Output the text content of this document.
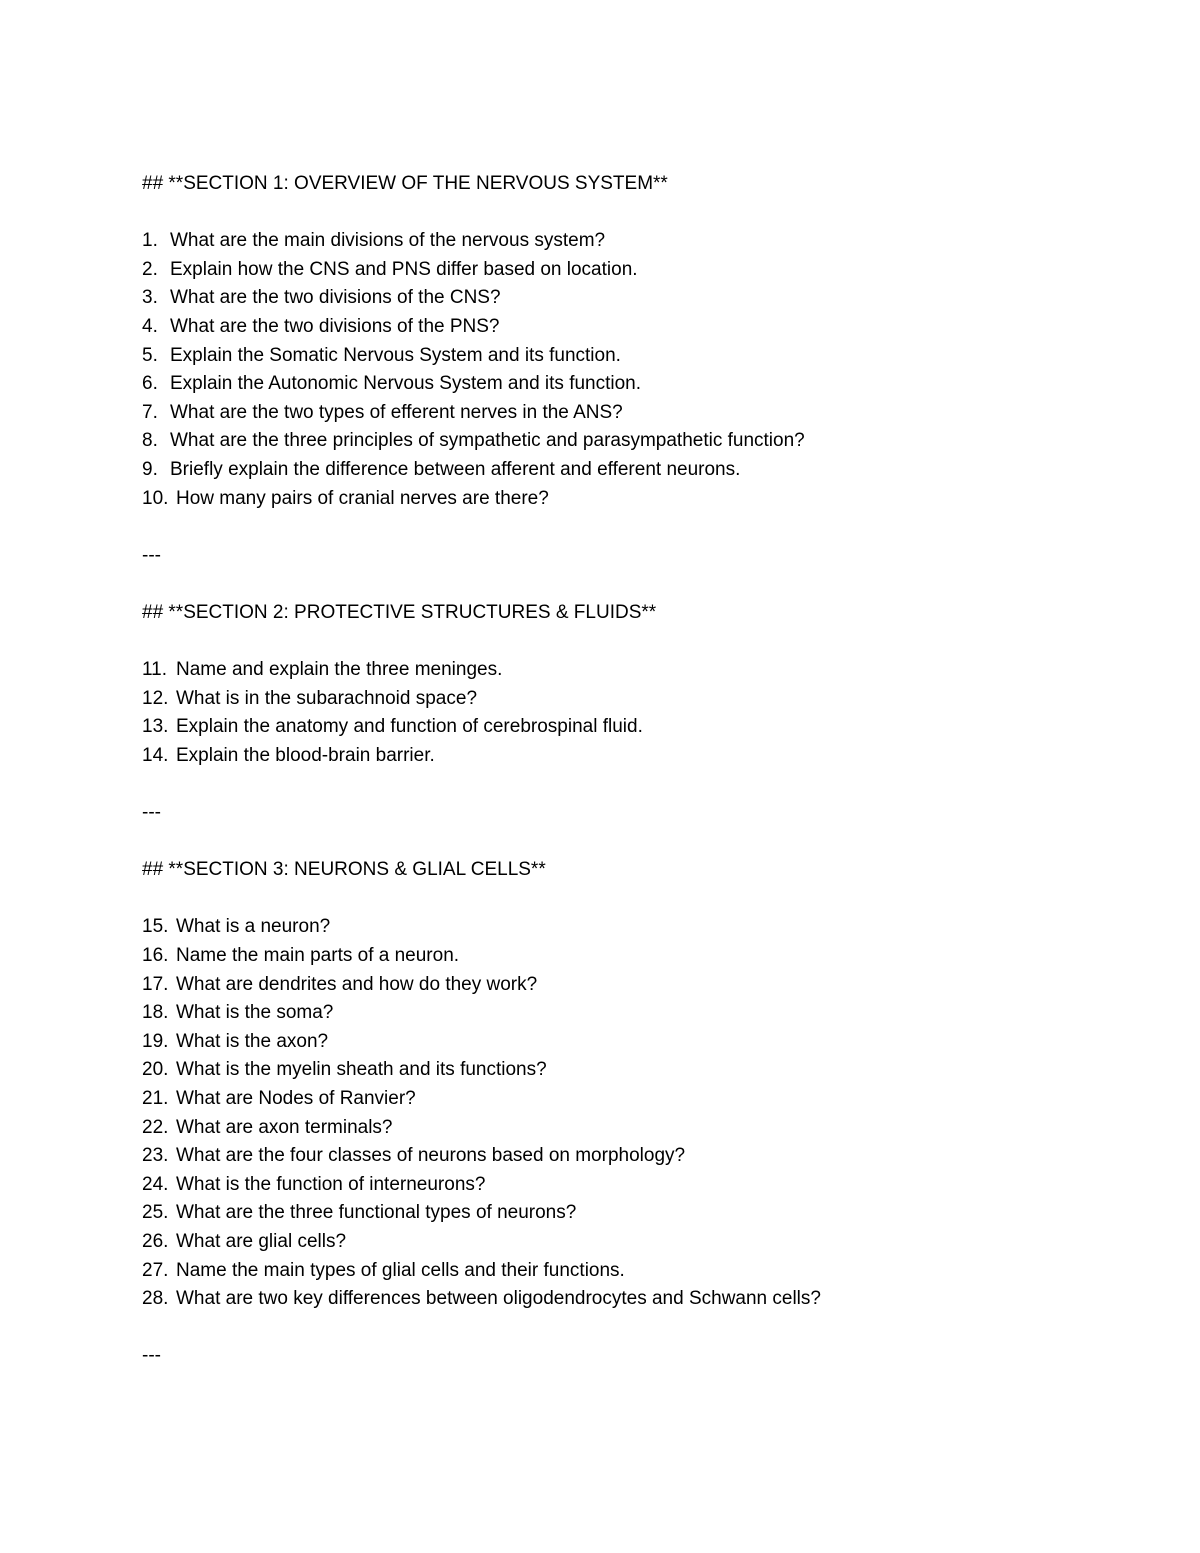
## **SECTION 1: OVERVIEW OF THE NERVOUS SYSTEM**
1. What are the main divisions of the nervous system?
2. Explain how the CNS and PNS differ based on location.
3. What are the two divisions of the CNS?
4. What are the two divisions of the PNS?
5. Explain the Somatic Nervous System and its function.
6. Explain the Autonomic Nervous System and its function.
7. What are the two types of efferent nerves in the ANS?
8. What are the three principles of sympathetic and parasympathetic function?
9. Briefly explain the difference between afferent and efferent neurons.
10. How many pairs of cranial nerves are there?
---
## **SECTION 2: PROTECTIVE STRUCTURES & FLUIDS**
11. Name and explain the three meninges.
12. What is in the subarachnoid space?
13. Explain the anatomy and function of cerebrospinal fluid.
14. Explain the blood-brain barrier.
---
## **SECTION 3: NEURONS & GLIAL CELLS**
15. What is a neuron?
16. Name the main parts of a neuron.
17. What are dendrites and how do they work?
18. What is the soma?
19. What is the axon?
20. What is the myelin sheath and its functions?
21. What are Nodes of Ranvier?
22. What are axon terminals?
23. What are the four classes of neurons based on morphology?
24. What is the function of interneurons?
25. What are the three functional types of neurons?
26. What are glial cells?
27. Name the main types of glial cells and their functions.
28. What are two key differences between oligodendrocytes and Schwann cells?
---
